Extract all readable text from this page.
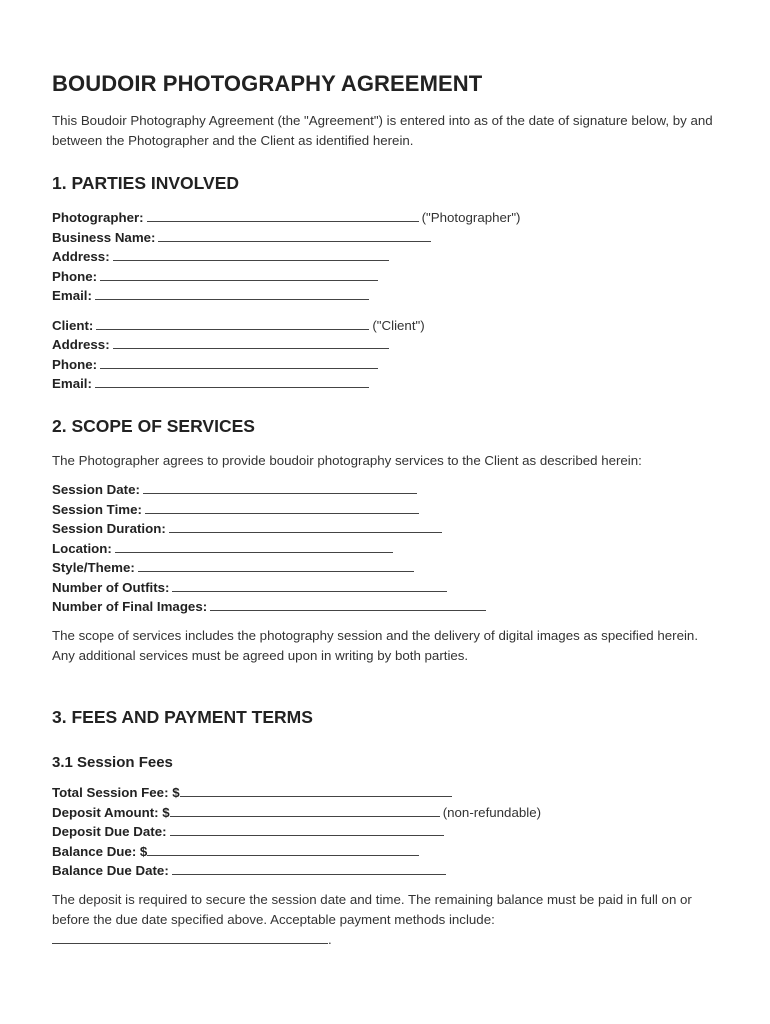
BOUDOIR PHOTOGRAPHY AGREEMENT

This Boudoir Photography Agreement (the "Agreement") is entered into as of the date of signature below, by and between the Photographer and the Client as identified herein.

1. PARTIES INVOLVED
Photographer:	("Photographer")
Business Name:
Address:
Phone:
Email:
Client:	("Client")
Address:
Phone:
Email:
2. SCOPE OF SERVICES

The Photographer agrees to provide boudoir photography services to the Client as described herein:

Session Date:
Session Time:
Session Duration:
Location:
Style/Theme:
Number of Outfits:
Number of Final Images:

The scope of services includes the photography session and the delivery of digital images as specified herein. Any additional services must be agreed upon in writing by both parties.

3. FEES AND PAYMENT TERMS
3.1 Session Fees
Total Session Fee: $
Deposit Amount: $	(non-refundable)
Deposit Due Date:
Balance Due: $
Balance Due Date:

The deposit is required to secure the session date and time. The remaining balance must be paid in full on or before the due date specified above. Acceptable payment methods include:
.
